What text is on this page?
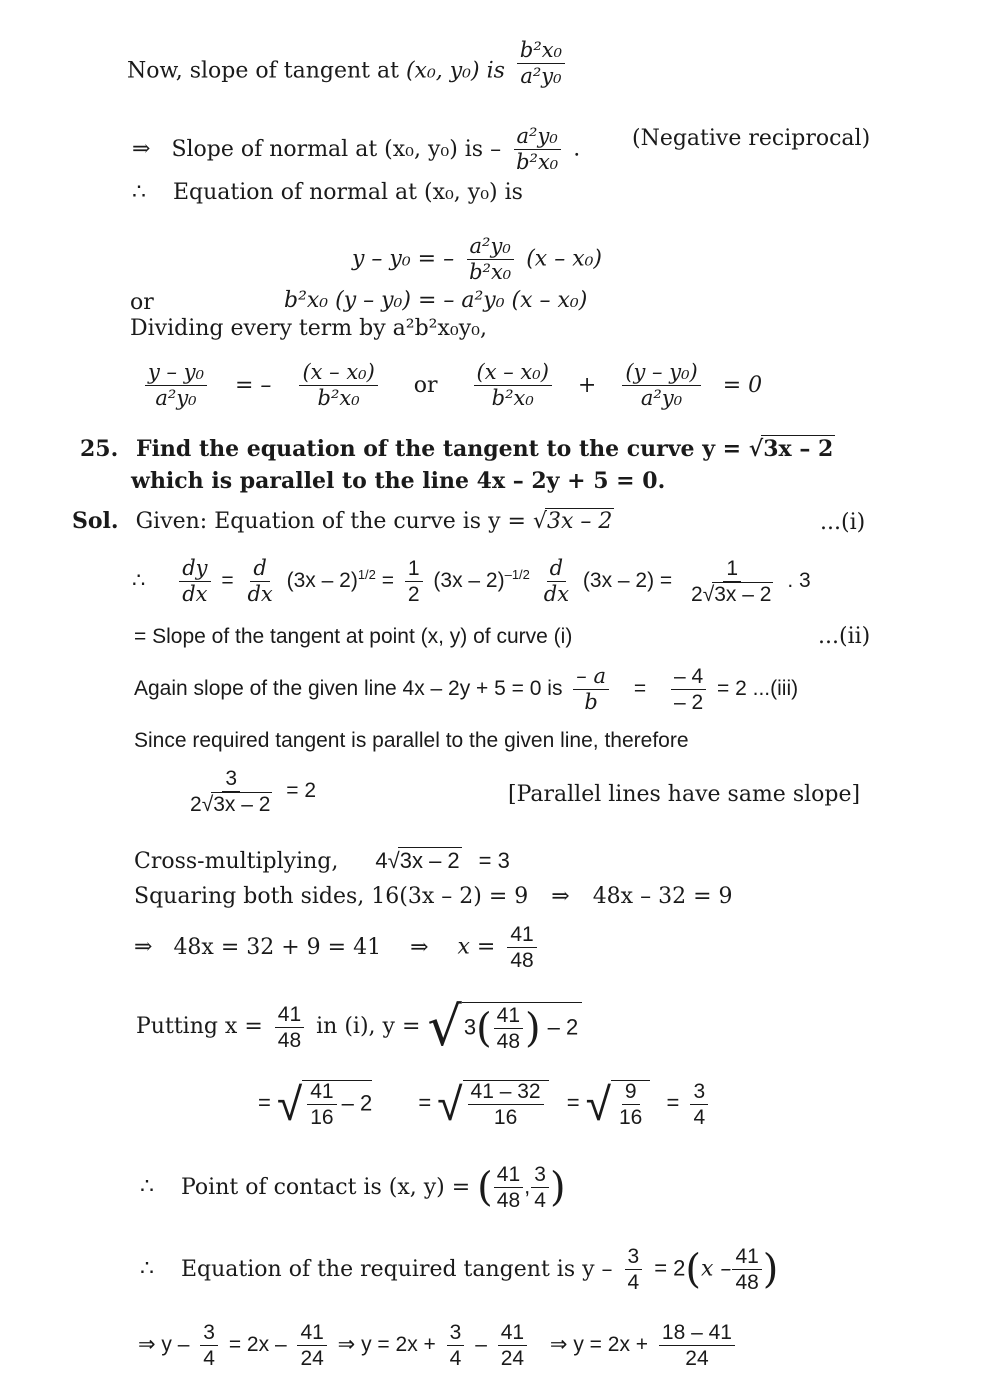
Now, slope of tangent at (x₀, y₀) is $\frac{\text{b²x₀}}{\text{a²y₀}}$
⇒ Slope of normal at (x₀, y₀) is – $\frac{\text{a²y₀}}{\text{b²x₀}}$ . (Negative reciprocal)
∴ Equation of normal at (x₀, y₀) is
y – y₀ = – $\frac{\text{a²y₀}}{\text{b²x₀}} (x - x_0)$
or	b²x₀ (y – y₀) = – a²y₀ (x – x₀)
Dividing every term by a²b²x₀y₀,
$\frac{\text{y – y₀}}{\text{a²y₀}}$ = – $\frac{\text{(x – x₀)}}{\text{b²x₀}}$ or $\frac{\text{(x – x₀)}}{\text{b²x₀}} + \frac{\text{(y – y₀)}}{\text{a²y₀}} = 0$
25. Find the equation of the tangent to the curve y = √3x – 2
which is parallel to the line 4x – 2y + 5 = 0.
Sol. Given: Equation of the curve is y = √3x – 2	...(i)
∴ $\frac{dy}{dx} = \frac{d}{dx} (3x - 2)^{1/2} = \frac{1}{2} (3x - 2)^{-1/2} \frac{d}{dx} (3x - 2) = \frac{1}{2√3x - 2}$ . 3
= Slope of the tangent at point (x, y) of curve (i)	...(ii)
Again slope of the given line 4x – 2y + 5 = 0 is $\frac{- a}{b} = \frac{- 4}{- 2} = 2$ ...(iii)
Since required tangent is parallel to the given line, therefore
$\frac{3}{2√3x - 2} = 2$	[Parallel lines have same slope]
Cross-multiplying, 4√3x – 2 = 3
Squaring both sides, 16(3x – 2) = 9 ⇒ 48x – 32 = 9
⇒ 48x = 32 + 9 = 41 ⇒ $x = \frac{41}{48}$
Putting $x = \frac{41}{48}$ in (i), $y = √3( \frac{41}{48}$ ) – 2
= √ $\frac{41}{16} - 2$ = √ $\frac{41 - 32}{16}$ = √ $\frac{9}{16} = \frac{3}{4}$
∴ Point of contact is (x, y) = ( $\frac{41}{48}$ , $\frac{3}{4}$ )
∴ Equation of the required tangent is $y - \frac{3}{4} = 2(x - \frac{41}{48}$ )
⇒ $y - \frac{3}{4} = 2x - \frac{41}{24}$ ⇒ $y = 2x + \frac{3}{4} - \frac{41}{24}$ ⇒ $y = 2x + \frac{18 - 41}{24}$
